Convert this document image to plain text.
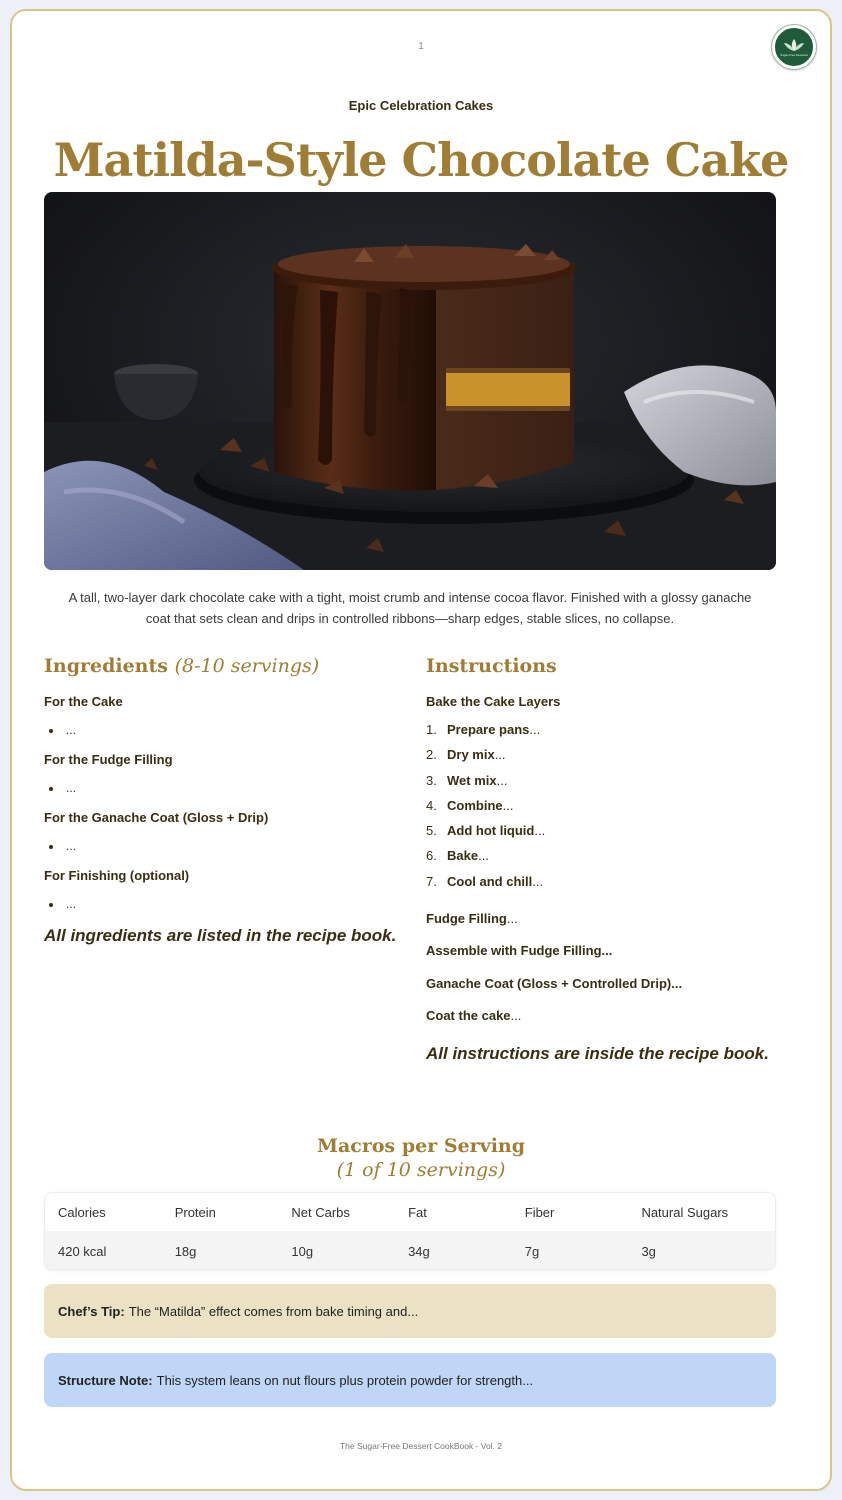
1
Sugar-Free Desserts
Epic Celebration Cakes
Matilda-Style Chocolate Cake
A tall, two-layer dark chocolate cake with a tight, moist crumb and intense cocoa flavor. Finished with a glossy ganache coat that sets clean and drips in controlled ribbons—sharp edges, stable slices, no collapse.
Ingredients (8-10 servings)
For the Cake
...
For the Fudge Filling
...
For the Ganache Coat (Gloss + Drip)
...
For Finishing (optional)
...
All ingredients are listed in the recipe book.
Instructions
Bake the Cake Layers
1. Prepare pans ...
2. Dry mix ...
3. Wet mix ...
4. Combine ...
5. Add hot liquid ...
6. Bake ...
7. Cool and chill ...
Fudge Filling...
Assemble with Fudge Filling...
Ganache Coat (Gloss + Controlled Drip)...
Coat the cake...
All instructions are inside the recipe book.
Macros per Serving
(1 of 10 servings)
Calories	Protein	Net Carbs	Fat	Fiber	Natural Sugars
420 kcal	18g	10g	34g	7g	3g
Chef’s Tip: The “Matilda” effect comes from bake timing and...
Structure Note: This system leans on nut flours plus protein powder for strength...
The Sugar-Free Dessert CookBook - Vol. 2
